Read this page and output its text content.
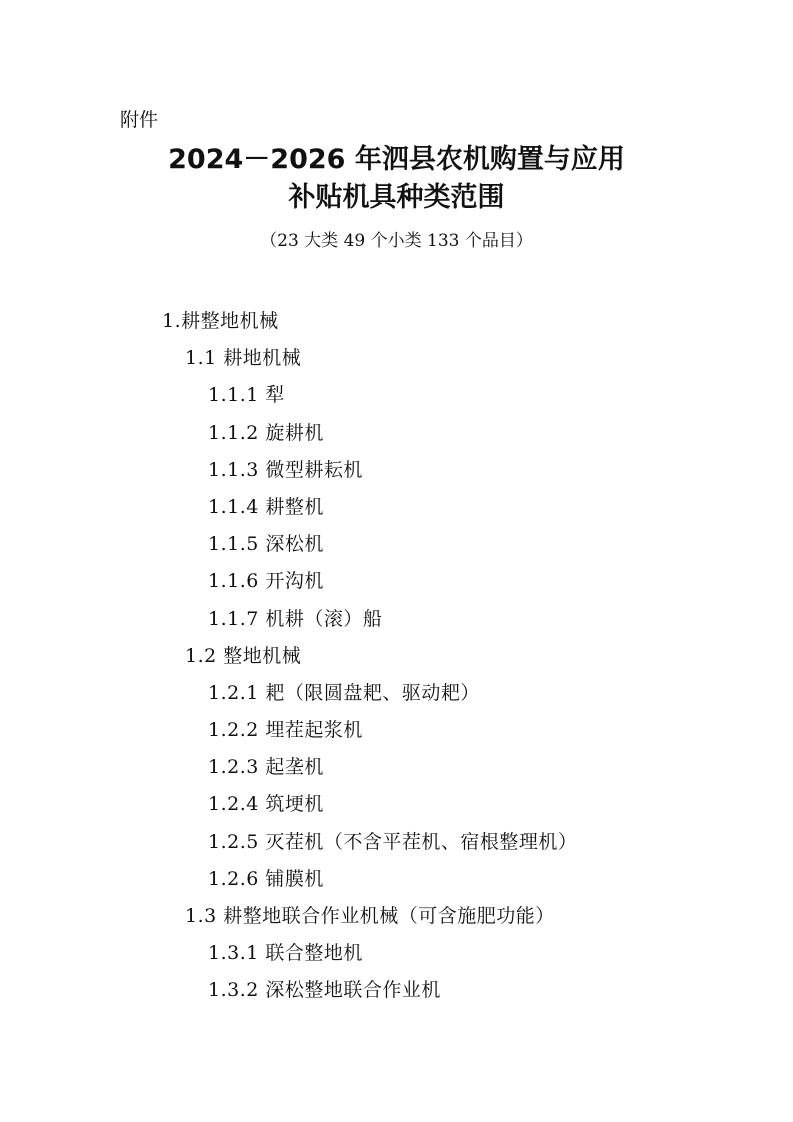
附件
2024－2026 年泗县农机购置与应用
补贴机具种类范围
（23 大类 49 个小类 133 个品目）
1.耕整地机械
1.1 耕地机械
1.1.1 犁
1.1.2 旋耕机
1.1.3 微型耕耘机
1.1.4 耕整机
1.1.5 深松机
1.1.6 开沟机
1.1.7 机耕（滚）船
1.2 整地机械
1.2.1 耙（限圆盘耙、驱动耙）
1.2.2 埋茬起浆机
1.2.3 起垄机
1.2.4 筑埂机
1.2.5 灭茬机（不含平茬机、宿根整理机）
1.2.6 铺膜机
1.3 耕整地联合作业机械（可含施肥功能）
1.3.1 联合整地机
1.3.2 深松整地联合作业机
